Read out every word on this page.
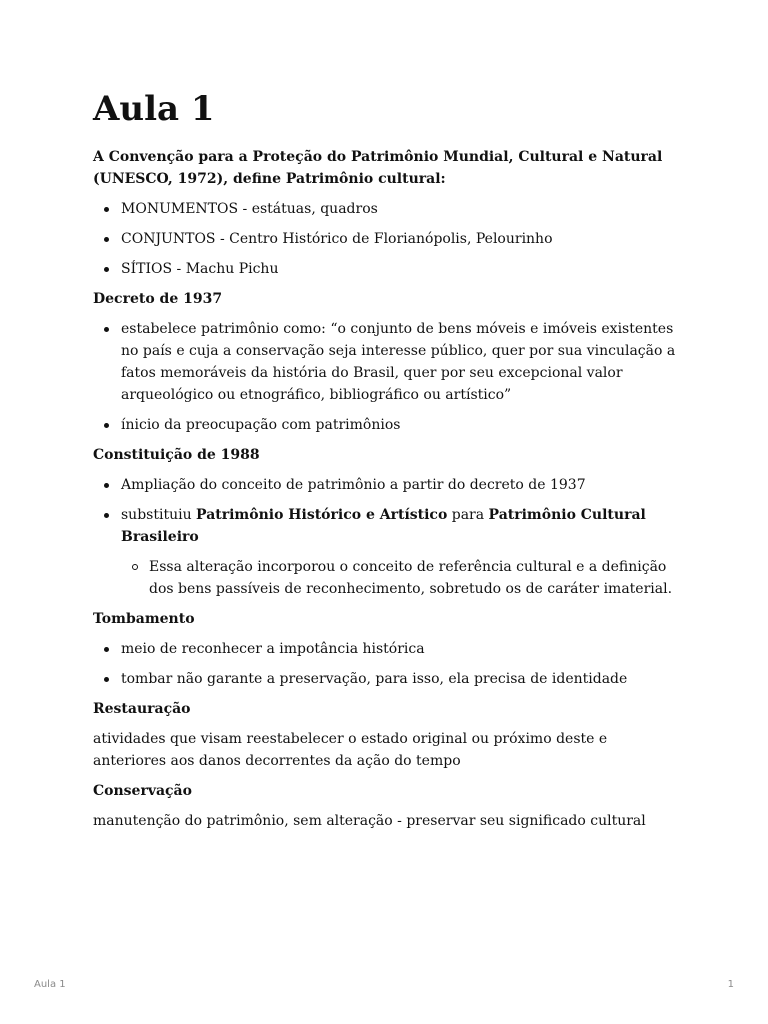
Aula 1

A Convenção para a Proteção do Patrimônio Mundial, Cultural e Natural (UNESCO, 1972), define Patrimônio cultural:

MONUMENTOS - estátuas, quadros
CONJUNTOS - Centro Histórico de Florianópolis, Pelourinho
SÍTIOS - Machu Pichu

Decreto de 1937

estabelece patrimônio como: “o conjunto de bens móveis e imóveis existentes no país e cuja a conservação seja interesse público, quer por sua vinculação a fatos memoráveis da história do Brasil, quer por seu excepcional valor arqueológico ou etnográfico, bibliográfico ou artístico”
ínicio da preocupação com patrimônios

Constituição de 1988

Ampliação do conceito de patrimônio a partir do decreto de 1937
substituiu Patrimônio Histórico e Artístico para Patrimônio Cultural Brasileiro
Essa alteração incorporou o conceito de referência cultural e a definição dos bens passíveis de reconhecimento, sobretudo os de caráter imaterial.

Tombamento

meio de reconhecer a impotância histórica
tombar não garante a preservação, para isso, ela precisa de identidade

Restauração

atividades que visam reestabelecer o estado original ou próximo deste e anteriores aos danos decorrentes da ação do tempo

Conservação

manutenção do patrimônio, sem alteração - preservar seu significado cultural

Aula 1	1
